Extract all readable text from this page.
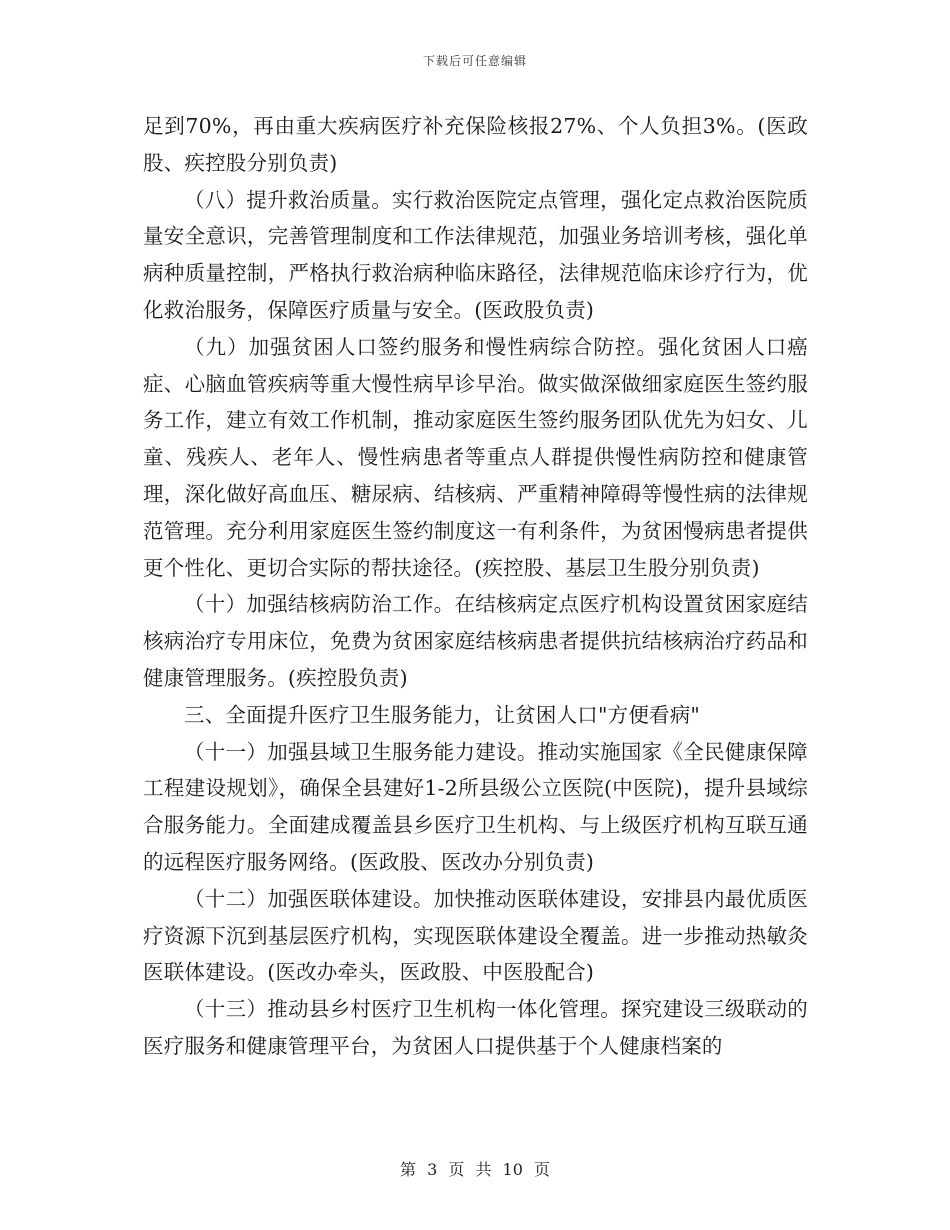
下载后可任意编辑

足到70%，再由重大疾病医疗补充保险核报27%、个人负担3%。(医政股、疾控股分别负责)

（八）提升救治质量。实行救治医院定点管理，强化定点救治医院质量安全意识，完善管理制度和工作法律规范，加强业务培训考核，强化单病种质量控制，严格执行救治病种临床路径，法律规范临床诊疗行为，优化救治服务，保障医疗质量与安全。(医政股负责)

（九）加强贫困人口签约服务和慢性病综合防控。强化贫困人口癌症、心脑血管疾病等重大慢性病早诊早治。做实做深做细家庭医生签约服务工作，建立有效工作机制，推动家庭医生签约服务团队优先为妇女、儿童、残疾人、老年人、慢性病患者等重点人群提供慢性病防控和健康管理，深化做好高血压、糖尿病、结核病、严重精神障碍等慢性病的法律规范管理。充分利用家庭医生签约制度这一有利条件，为贫困慢病患者提供更个性化、更切合实际的帮扶途径。(疾控股、基层卫生股分别负责)

（十）加强结核病防治工作。在结核病定点医疗机构设置贫困家庭结核病治疗专用床位，免费为贫困家庭结核病患者提供抗结核病治疗药品和健康管理服务。(疾控股负责)

三、全面提升医疗卫生服务能力，让贫困人口"方便看病"

（十一）加强县域卫生服务能力建设。推动实施国家《全民健康保障工程建设规划》，确保全县建好1-2所县级公立医院(中医院)，提升县域综合服务能力。全面建成覆盖县乡医疗卫生机构、与上级医疗机构互联互通的远程医疗服务网络。(医政股、医改办分别负责)

（十二）加强医联体建设。加快推动医联体建设，安排县内最优质医疗资源下沉到基层医疗机构，实现医联体建设全覆盖。进一步推动热敏灸医联体建设。(医改办牵头，医政股、中医股配合)

（十三）推动县乡村医疗卫生机构一体化管理。探究建设三级联动的医疗服务和健康管理平台，为贫困人口提供基于个人健康档案的

第 3 页 共 10 页
